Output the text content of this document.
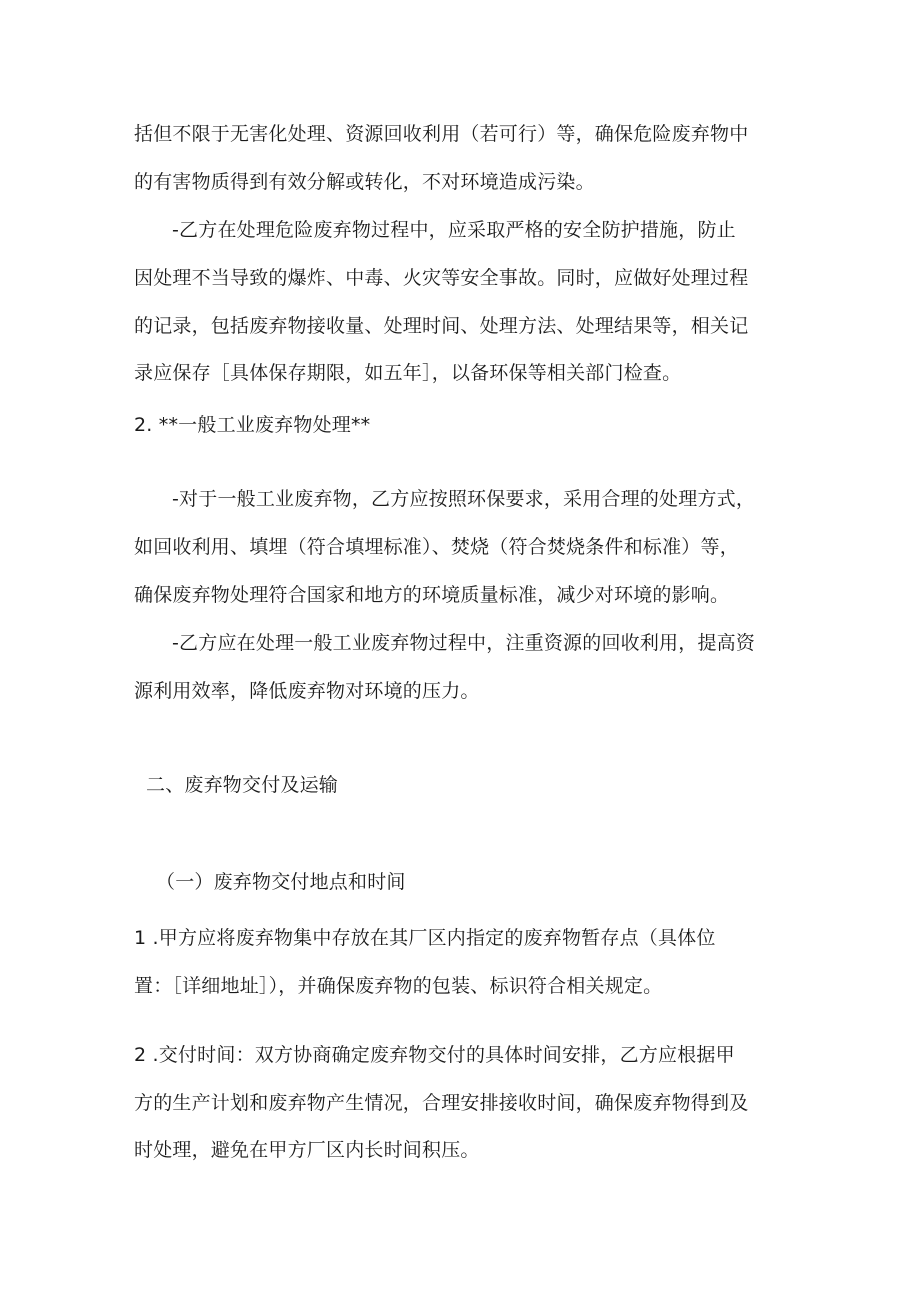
括但不限于无害化处理、资源回收利用（若可行）等，确保危险废弃物中
的有害物质得到有效分解或转化，不对环境造成污染。
-乙方在处理危险废弃物过程中，应采取严格的安全防护措施，防止
因处理不当导致的爆炸、中毒、火灾等安全事故。同时，应做好处理过程
的记录，包括废弃物接收量、处理时间、处理方法、处理结果等，相关记
录应保存［具体保存期限，如五年］，以备环保等相关部门检查。
2. **一般工业废弃物处理**
-对于一般工业废弃物，乙方应按照环保要求，采用合理的处理方式，
如回收利用、填埋（符合填埋标准）、焚烧（符合焚烧条件和标准）等，
确保废弃物处理符合国家和地方的环境质量标准，减少对环境的影响。
-乙方应在处理一般工业废弃物过程中，注重资源的回收利用，提高资
源利用效率，降低废弃物对环境的压力。
二、废弃物交付及运输
（一）废弃物交付地点和时间
1 .甲方应将废弃物集中存放在其厂区内指定的废弃物暂存点（具体位
置：［详细地址］），并确保废弃物的包装、标识符合相关规定。
2 .交付时间：双方协商确定废弃物交付的具体时间安排，乙方应根据甲
方的生产计划和废弃物产生情况，合理安排接收时间，确保废弃物得到及
时处理，避免在甲方厂区内长时间积压。
